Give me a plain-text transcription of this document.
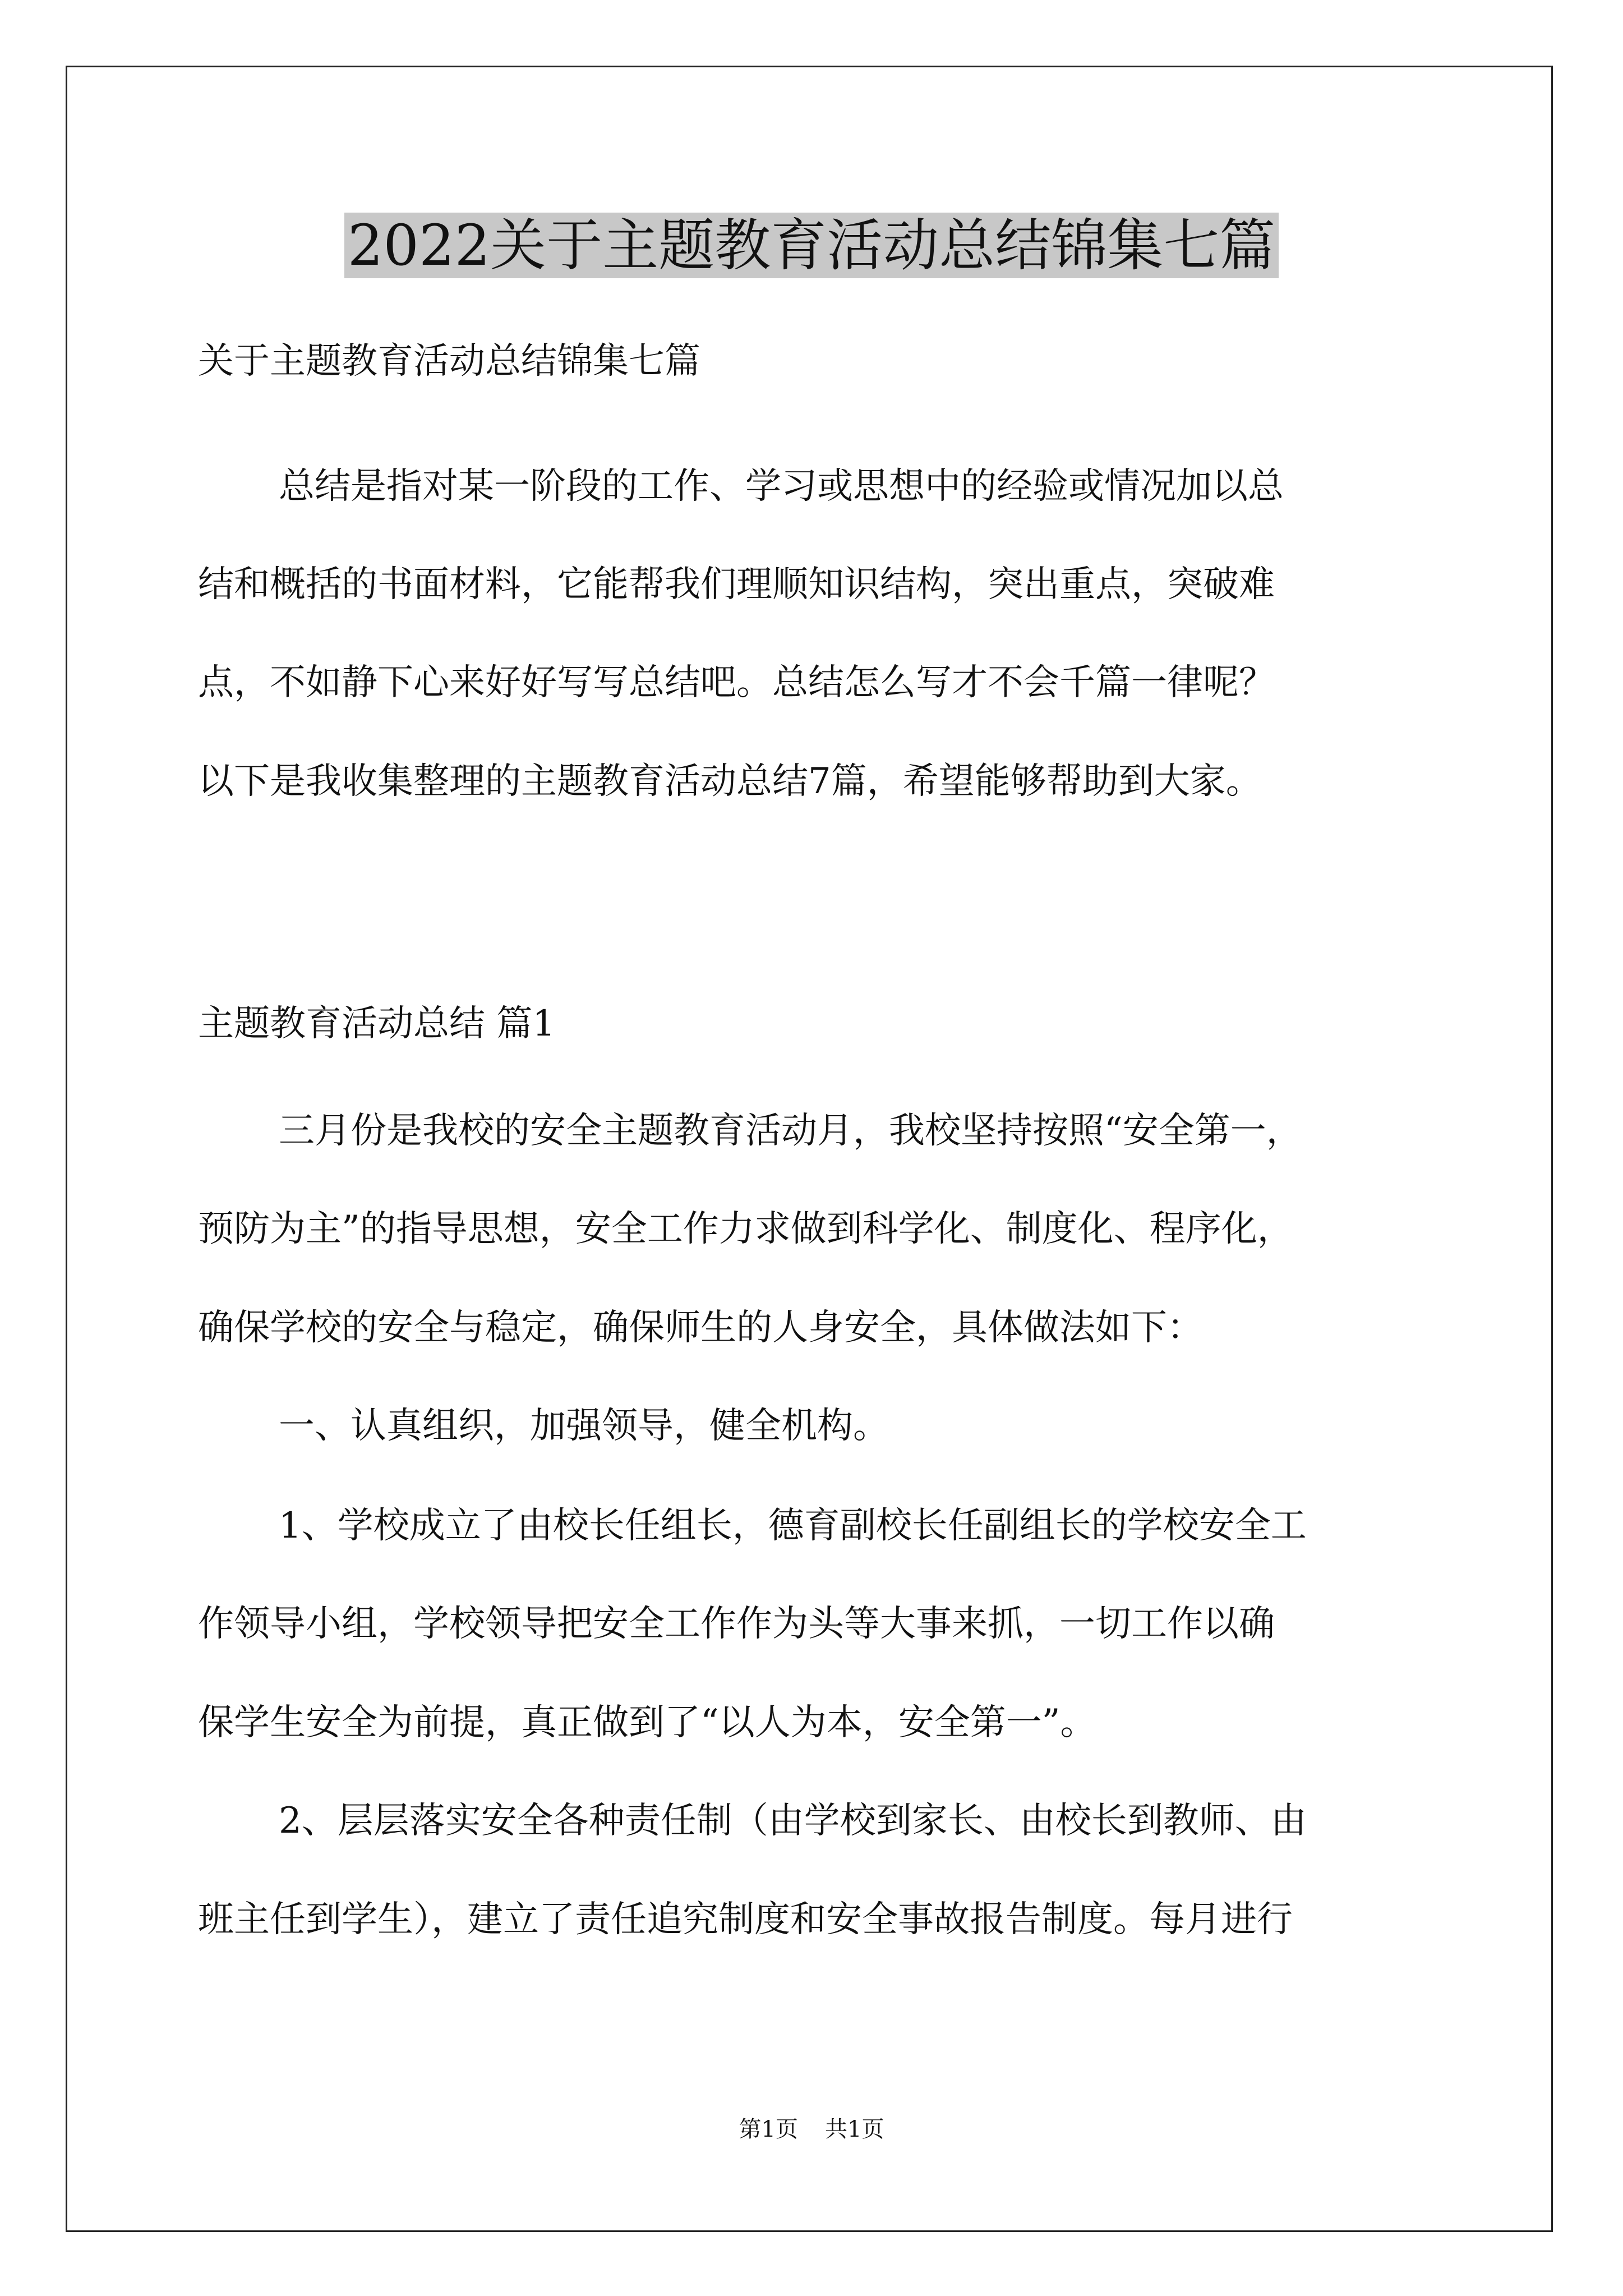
2022关于主题教育活动总结锦集七篇
关于主题教育活动总结锦集七篇
总结是指对某一阶段的工作、学习或思想中的经验或情况加以总
结和概括的书面材料，它能帮我们理顺知识结构，突出重点，突破难
点，不如静下心来好好写写总结吧。总结怎么写才不会千篇一律呢？
以下是我收集整理的主题教育活动总结7篇，希望能够帮助到大家。
主题教育活动总结 篇1
三月份是我校的安全主题教育活动月，我校坚持按照“安全第一，
预防为主”的指导思想，安全工作力求做到科学化、制度化、程序化，
确保学校的安全与稳定，确保师生的人身安全，具体做法如下：
一、认真组织，加强领导，健全机构。
1、学校成立了由校长任组长，德育副校长任副组长的学校安全工
作领导小组，学校领导把安全工作作为头等大事来抓，一切工作以确
保学生安全为前提，真正做到了“以人为本，安全第一”。
2、层层落实安全各种责任制（由学校到家长、由校长到教师、由
班主任到学生），建立了责任追究制度和安全事故报告制度。每月进行
第1页 共1页
